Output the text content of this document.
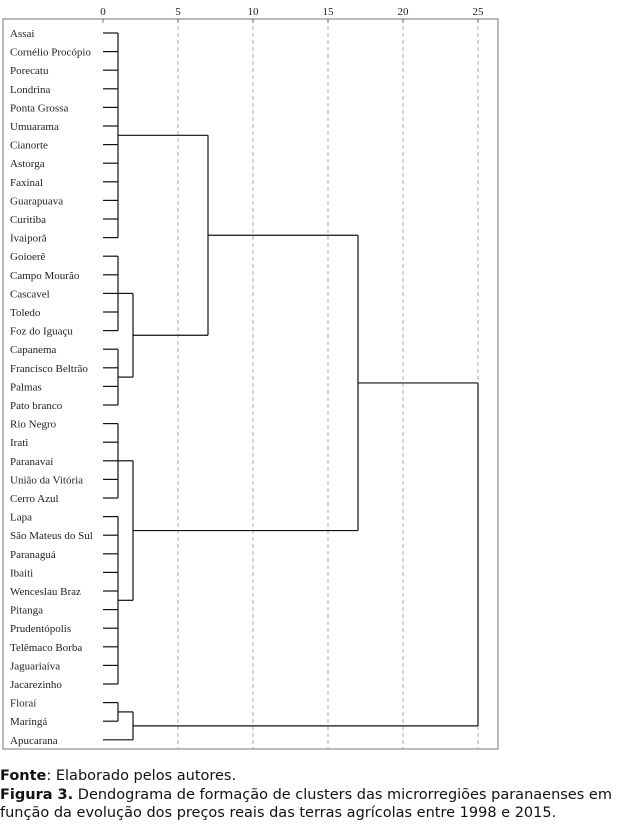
0	5	10	15	20	25
Assai
Cornélio Procópio
Porecatu
Londrina
Ponta Grossa
Umuarama
Cianorte
Astorga
Faxinal
Guarapuava
Curitiba
Ivaiporã
Goioerê
Campo Mourão
Cascavel
Toledo
Foz do Iguaçu
Capanema
Francisco Beltrão
Palmas
Pato branco
Rio Negro
Irati
Paranavaí
União da Vitória
Cerro Azul
Lapa
São Mateus do Sul
Paranaguá
Ibaiti
Wenceslau Braz
Pitanga
Prudentópolis
Telêmaco Borba
Jaguariaíva
Jacarezinho
Floraí
Maringá
Apucarana
Fonte: Elaborado pelos autores.
Figura 3. Dendograma de formação de clusters das microrregiões paranaenses em função da evolução dos preços reais das terras agrícolas entre 1998 e 2015.
